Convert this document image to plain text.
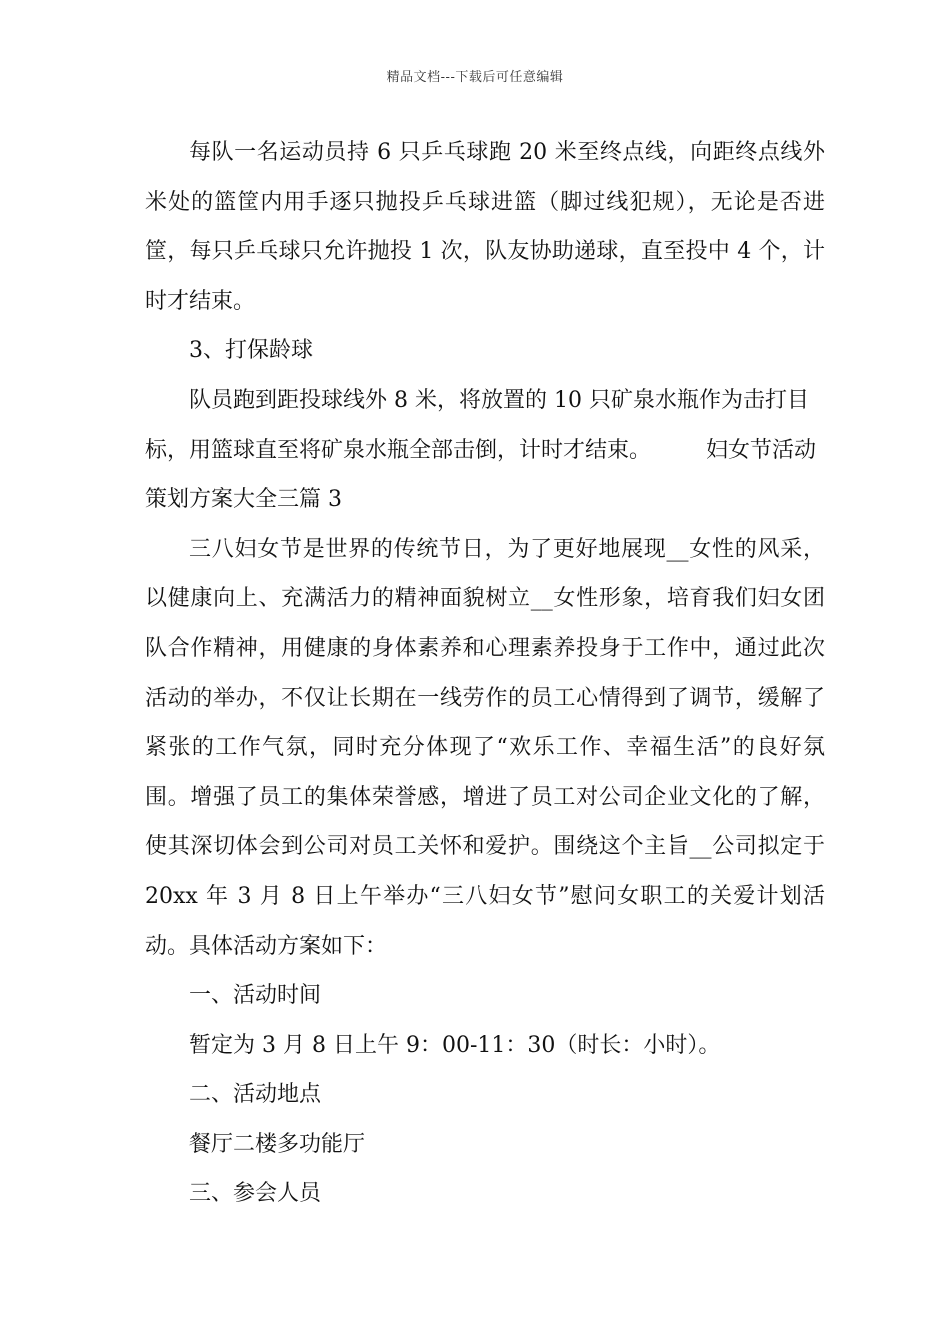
精品文档---下载后可任意编辑

每队一名运动员持 6 只乒乓球跑 20 米至终点线，向距终点线外米处的篮筐内用手逐只抛投乒乓球进篮（脚过线犯规），无论是否进筐，每只乒乓球只允许抛投 1 次，队友协助递球，直至投中 4 个，计时才结束。

3、打保龄球

队员跑到距投球线外 8 米，将放置的 10 只矿泉水瓶作为击打目标，用篮球直至将矿泉水瓶全部击倒，计时才结束。　　　妇女节活动策划方案大全三篇 3

三八妇女节是世界的传统节日，为了更好地展现__女性的风采，以健康向上、充满活力的精神面貌树立__女性形象，培育我们妇女团队合作精神，用健康的身体素养和心理素养投身于工作中，通过此次活动的举办，不仅让长期在一线劳作的员工心情得到了调节，缓解了紧张的工作气氛，同时充分体现了“欢乐工作、幸福生活”的良好氛围。增强了员工的集体荣誉感，增进了员工对公司企业文化的了解，使其深切体会到公司对员工关怀和爱护。围绕这个主旨__公司拟定于 20xx 年 3 月 8 日上午举办“三八妇女节”慰问女职工的关爱计划活动。具体活动方案如下：

一、活动时间

暂定为 3 月 8 日上午 9：00-11：30（时长：小时）。

二、活动地点

餐厅二楼多功能厅

三、参会人员
